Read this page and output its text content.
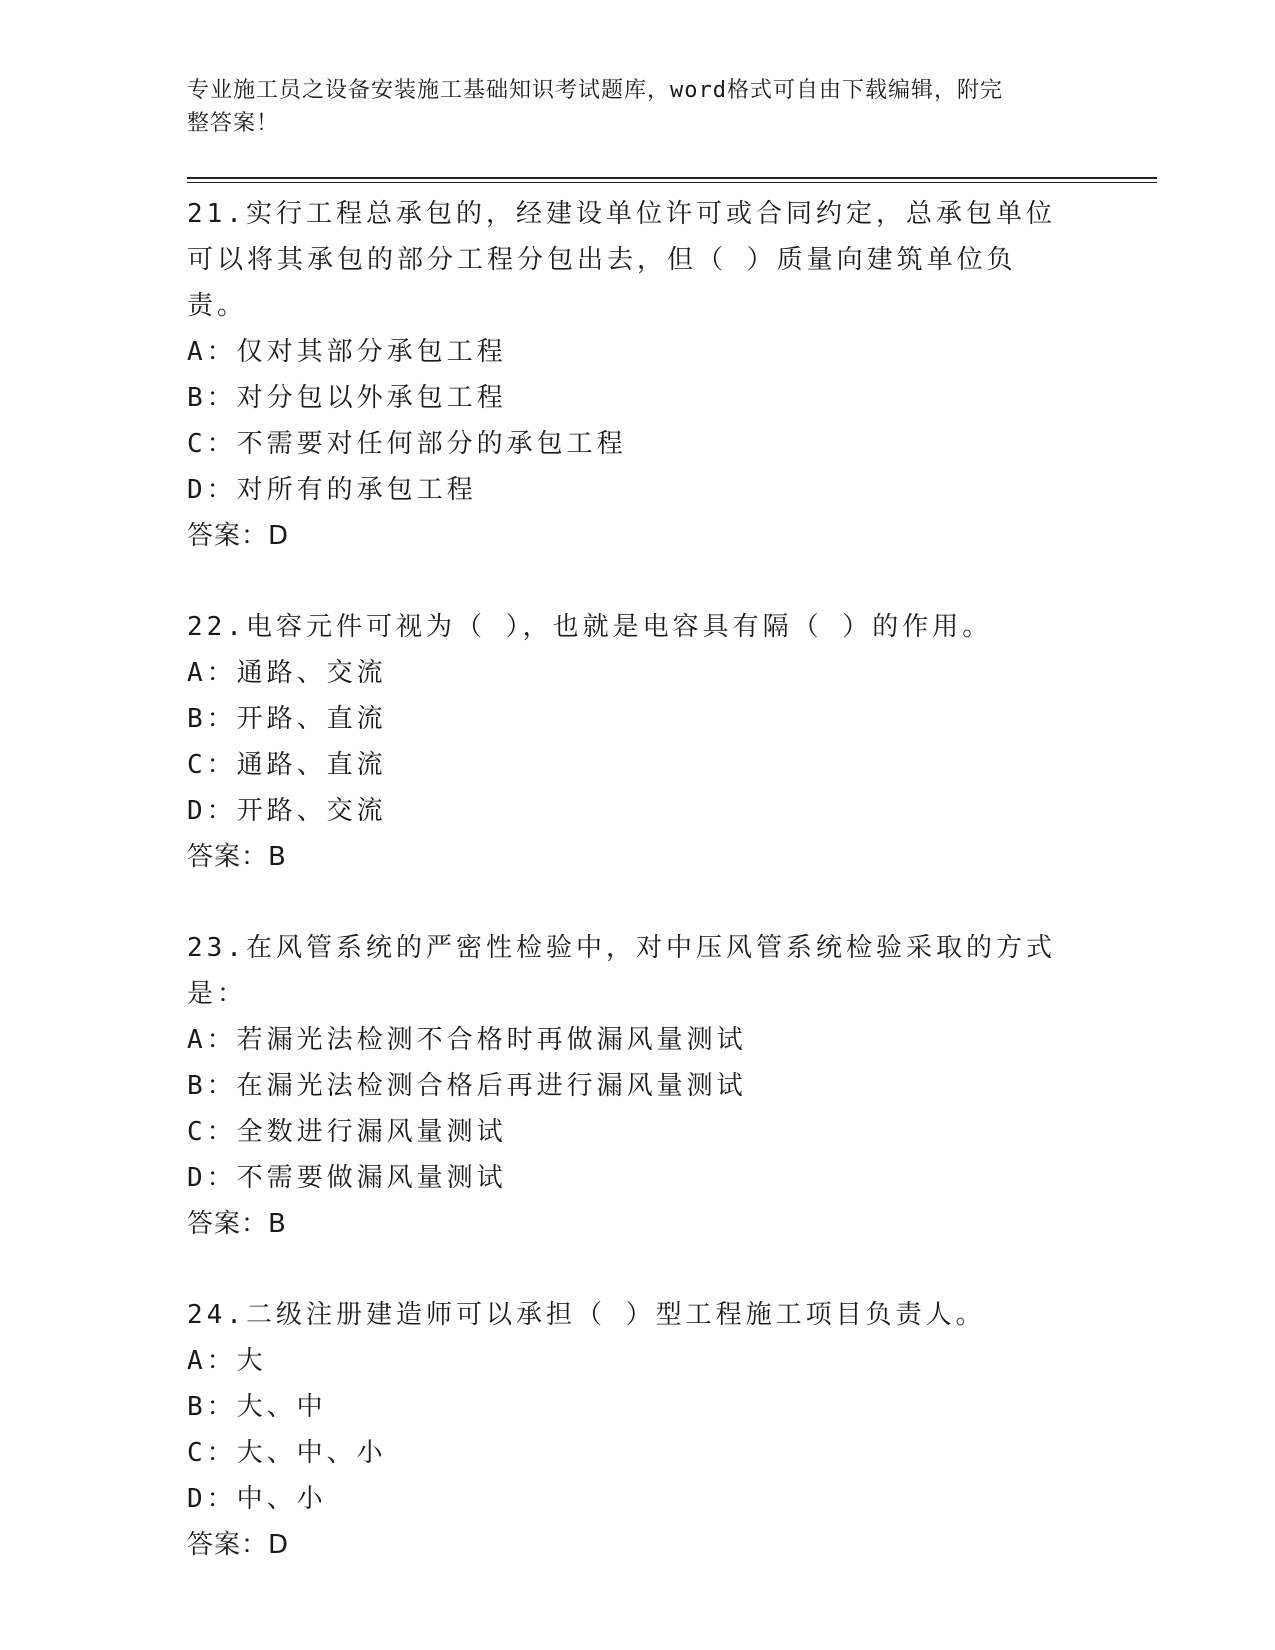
专业施工员之设备安装施工基础知识考试题库，word格式可自由下载编辑，附完
整答案！
21.实行工程总承包的，经建设单位许可或合同约定，总承包单位可以将其承包的部分工程分包出去，但（ ）质量向建筑单位负责。
A：仅对其部分承包工程
B：对分包以外承包工程
C：不需要对任何部分的承包工程
D：对所有的承包工程
答案：D
22.电容元件可视为（ ），也就是电容具有隔（ ）的作用。
A：通路、交流
B：开路、直流
C：通路、直流
D：开路、交流
答案：B
23.在风管系统的严密性检验中，对中压风管系统检验采取的方式是：
A：若漏光法检测不合格时再做漏风量测试
B：在漏光法检测合格后再进行漏风量测试
C：全数进行漏风量测试
D：不需要做漏风量测试
答案：B
24.二级注册建造师可以承担（ ）型工程施工项目负责人。
A：大
B：大、中
C：大、中、小
D：中、小
答案：D
